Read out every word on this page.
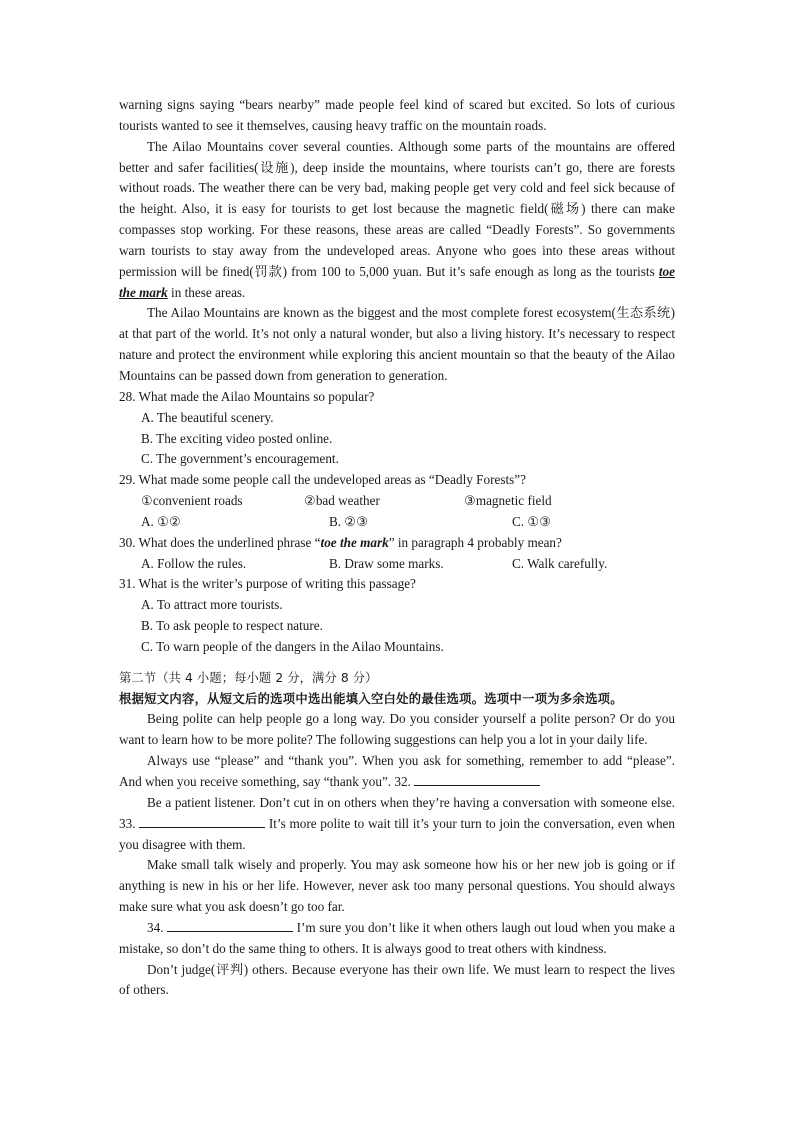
warning signs saying “bears nearby” made people feel kind of scared but excited. So lots of curious tourists wanted to see it themselves, causing heavy traffic on the mountain roads.

The Ailao Mountains cover several counties. Although some parts of the mountains are offered better and safer facilities(设施), deep inside the mountains, where tourists can’t go, there are forests without roads. The weather there can be very bad, making people get very cold and feel sick because of the height. Also, it is easy for tourists to get lost because the magnetic field(磁场) there can make compasses stop working. For these reasons, these areas are called “Deadly Forests”. So governments warn tourists to stay away from the undeveloped areas. Anyone who goes into these areas without permission will be fined(罚款) from 100 to 5,000 yuan. But it’s safe enough as long as the tourists toe the mark in these areas.

The Ailao Mountains are known as the biggest and the most complete forest ecosystem(生态系统) at that part of the world. It’s not only a natural wonder, but also a living history. It’s necessary to respect nature and protect the environment while exploring this ancient mountain so that the beauty of the Ailao Mountains can be passed down from generation to generation.

28. What made the Ailao Mountains so popular?

A. The beautiful scenery.

B. The exciting video posted online.

C. The government’s encouragement.

29. What made some people call the undeveloped areas as “Deadly Forests”?

①convenient roads	②bad weather	③magnetic field
A. ①②	B. ②③	C. ①③

30. What does the underlined phrase “toe the mark” in paragraph 4 probably mean?

A. Follow the rules.	B. Draw some marks.	C. Walk carefully.

31. What is the writer’s purpose of writing this passage?

A. To attract more tourists.

B. To ask people to respect nature.

C. To warn people of the dangers in the Ailao Mountains.

第二节（共 4 小题；每小题 2 分，满分 8 分）

根据短文内容，从短文后的选项中选出能填入空白处的最佳选项。选项中一项为多余选项。

Being polite can help people go a long way. Do you consider yourself a polite person? Or do you want to learn how to be more polite? The following suggestions can help you a lot in your daily life.

Always use “please” and “thank you”. When you ask for something, remember to add “please”. And when you receive something, say “thank you”. 32.

Be a patient listener. Don’t cut in on others when they’re having a conversation with someone else. 33.	It’s more polite to wait till it’s your turn to join the conversation, even when you disagree with them.

Make small talk wisely and properly. You may ask someone how his or her new job is going or if anything is new in his or her life. However, never ask too many personal questions. You should always make sure what you ask doesn’t go too far.

34.	I’m sure you don’t like it when others laugh out loud when you make a mistake, so don’t do the same thing to others. It is always good to treat others with kindness.

Don’t judge(评判) others. Because everyone has their own life. We must learn to respect the lives of others.
